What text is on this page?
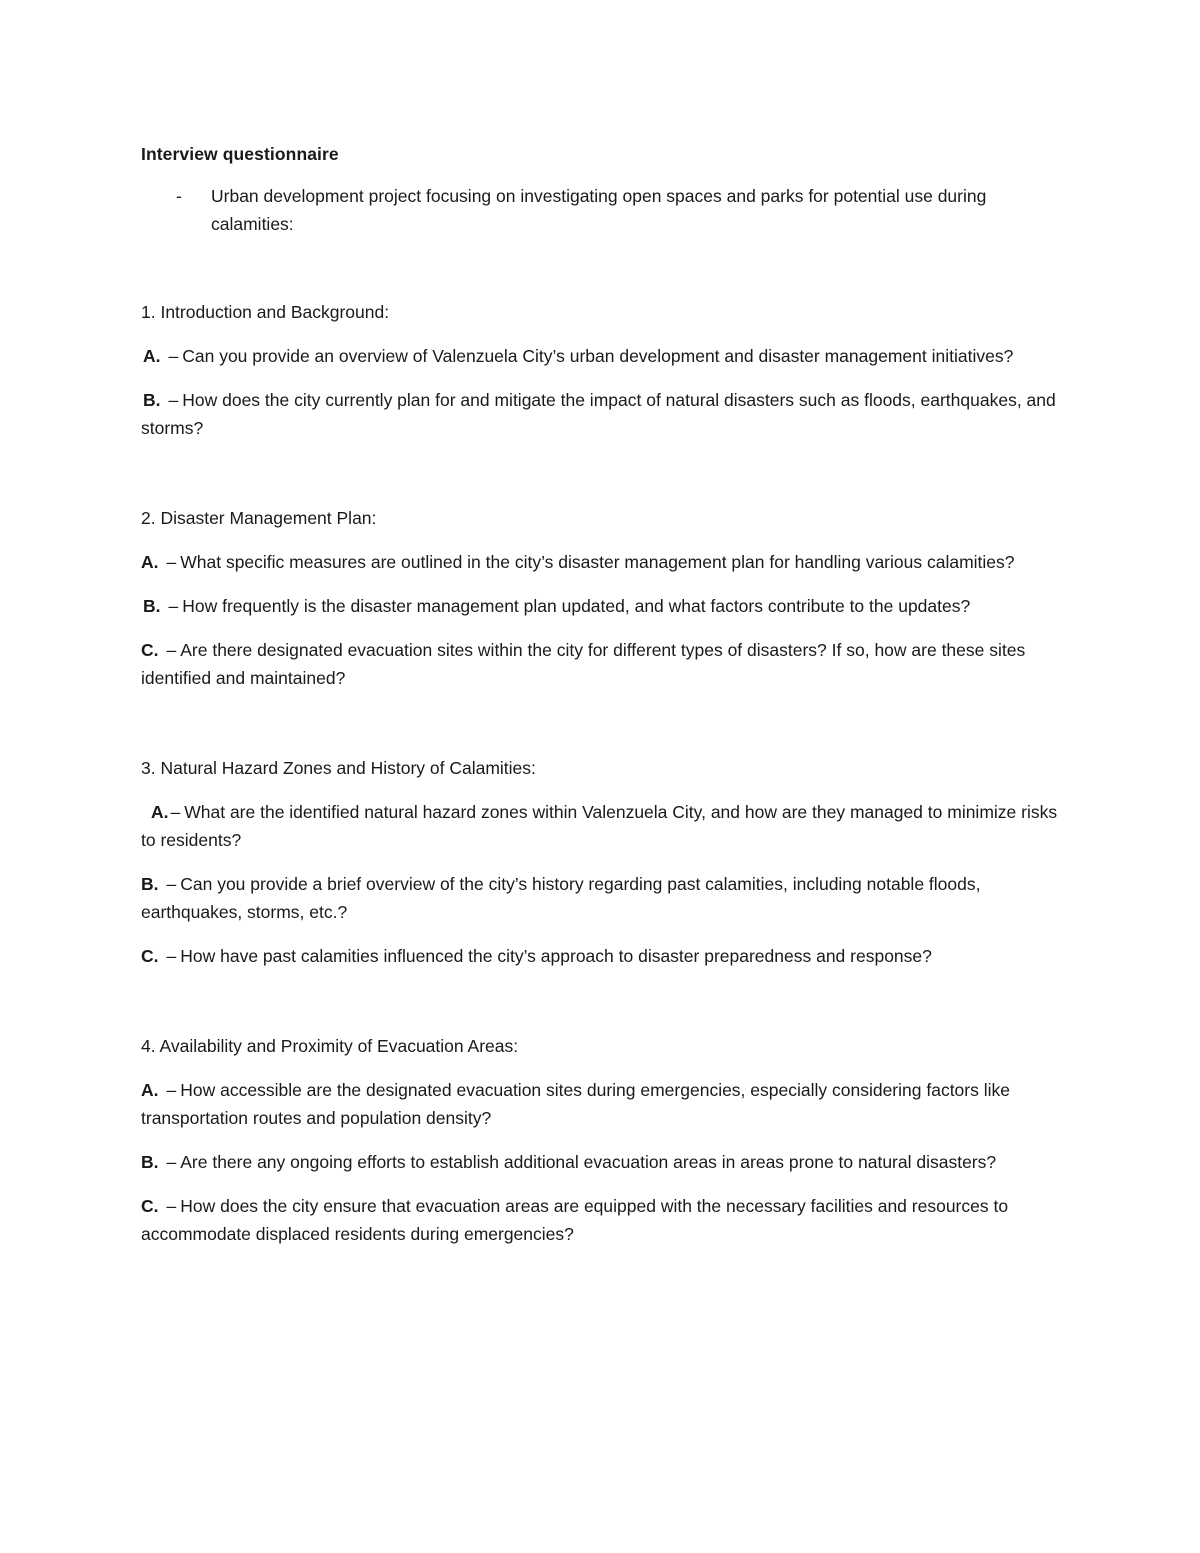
Interview questionnaire
-	Urban development project focusing on investigating open spaces and parks for potential use during calamities:
1. Introduction and Background:
A. – Can you provide an overview of Valenzuela City’s urban development and disaster management initiatives?
B. – How does the city currently plan for and mitigate the impact of natural disasters such as floods, earthquakes, and storms?
2. Disaster Management Plan:
A. – What specific measures are outlined in the city’s disaster management plan for handling various calamities?
B. – How frequently is the disaster management plan updated, and what factors contribute to the updates?
C. – Are there designated evacuation sites within the city for different types of disasters? If so, how are these sites identified and maintained?
3. Natural Hazard Zones and History of Calamities:
A. – What are the identified natural hazard zones within Valenzuela City, and how are they managed to minimize risks to residents?
B. – Can you provide a brief overview of the city’s history regarding past calamities, including notable floods, earthquakes, storms, etc.?
C. – How have past calamities influenced the city’s approach to disaster preparedness and response?
4. Availability and Proximity of Evacuation Areas:
A. – How accessible are the designated evacuation sites during emergencies, especially considering factors like transportation routes and population density?
B. – Are there any ongoing efforts to establish additional evacuation areas in areas prone to natural disasters?
C. – How does the city ensure that evacuation areas are equipped with the necessary facilities and resources to accommodate displaced residents during emergencies?
